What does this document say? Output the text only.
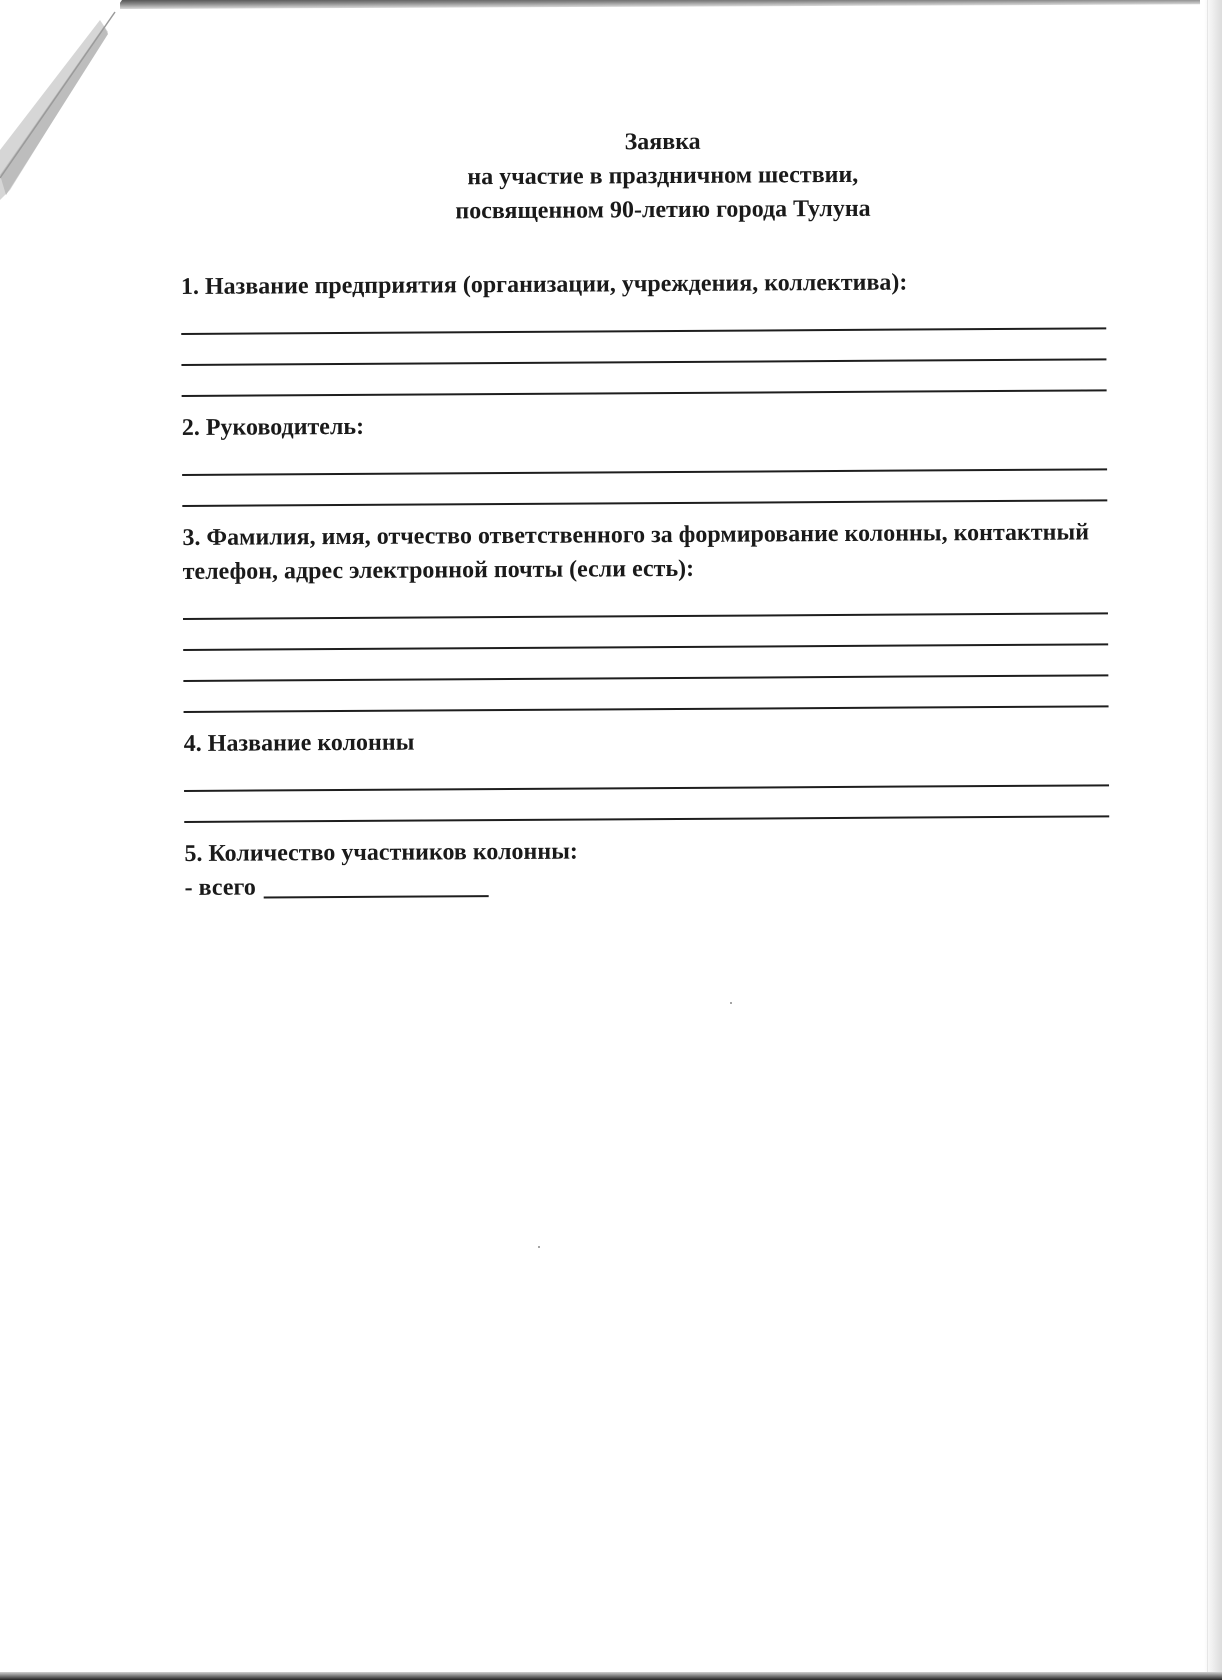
Заявка
на участие в праздничном шествии,
посвященном 90-летию города Тулуна
1. Название предприятия (организации, учреждения, коллектива):
2. Руководитель:
3. Фамилия, имя, отчество ответственного за формирование колонны, контактный телефон, адрес электронной почты (если есть):
4. Название колонны
5. Количество участников колонны:
- всего
